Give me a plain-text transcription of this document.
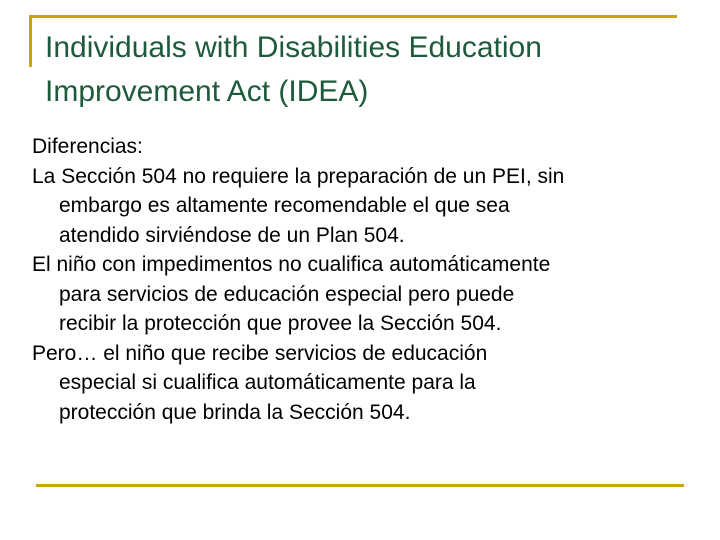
Individuals with Disabilities Education
Improvement Act (IDEA)

Diferencias:

La Sección 504 no requiere la preparación de un PEI, sin
embargo es altamente recomendable el que sea
atendido sirviéndose de un Plan 504.

El niño con impedimentos no cualifica automáticamente
para servicios de educación especial pero puede
recibir la protección que provee la Sección 504.

Pero… el niño que recibe servicios de educación
especial si cualifica automáticamente para la
protección que brinda la Sección 504.
